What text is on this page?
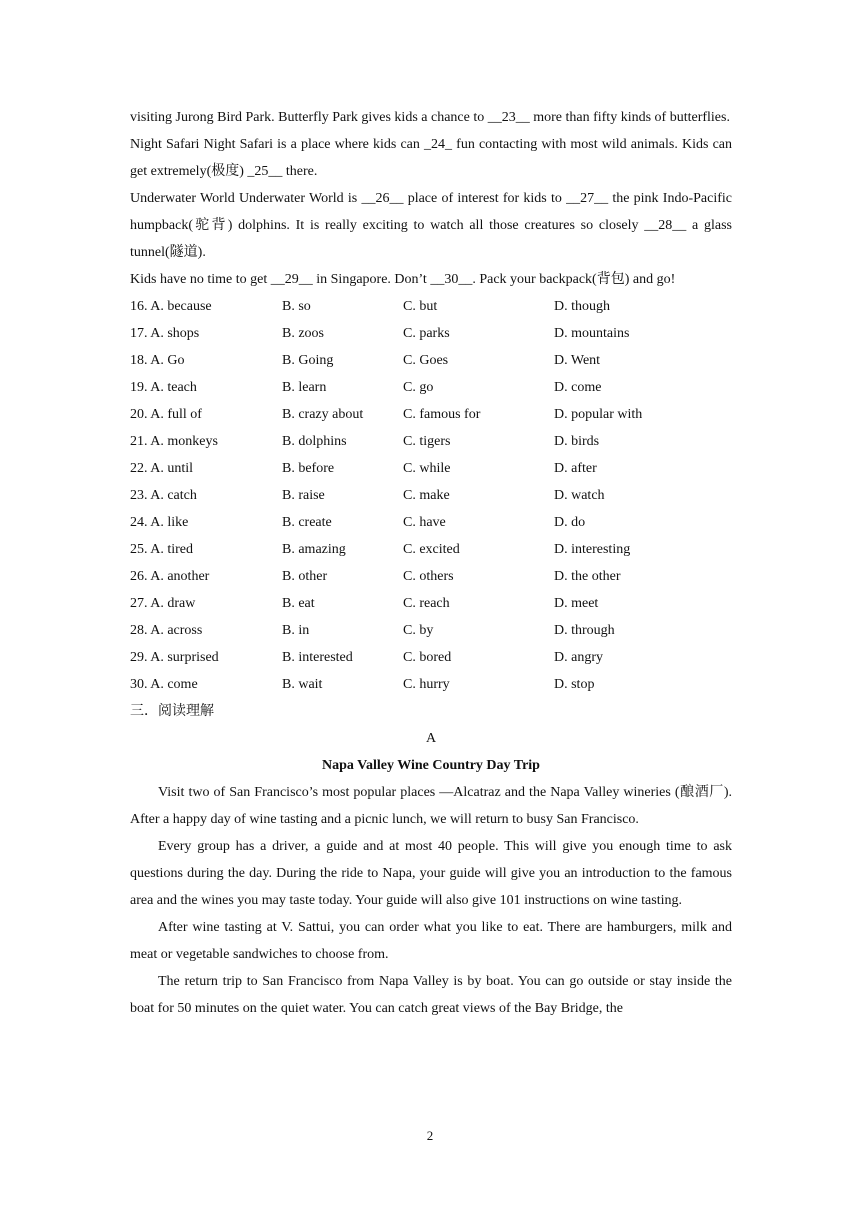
visiting Jurong Bird Park. Butterfly Park gives kids a chance to __23__ more than fifty kinds of butterflies.

Night Safari Night Safari is a place where kids can _24_ fun contacting with most wild animals. Kids can get extremely(极度) _25__ there.

Underwater World Underwater World is __26__ place of interest for kids to __27__ the pink Indo-Pacific humpback(驼背) dolphins. It is really exciting to watch all those creatures so closely __28__ a glass tunnel(隧道).

Kids have no time to get __29__ in Singapore. Don’t __30__. Pack your backpack(背包) and go!

16. A. because	B. so	C. but	D. though
17. A. shops	B. zoos	C. parks	D. mountains
18. A. Go	B. Going	C. Goes	D. Went
19. A. teach	B. learn	C. go	D. come
20. A. full of	B. crazy about	C. famous for	D. popular with
21. A. monkeys	B. dolphins	C. tigers	D. birds
22. A. until	B. before	C. while	D. after
23. A. catch	B. raise	C. make	D. watch
24. A. like	B. create	C. have	D. do
25. A. tired	B. amazing	C. excited	D. interesting
26. A. another	B. other	C. others	D. the other
27. A. draw	B. eat	C. reach	D. meet
28. A. across	B. in	C. by	D. through
29. A. surprised	B. interested	C. bored	D. angry
30. A. come	B. wait	C. hurry	D. stop

三．阅读理解

A

Napa Valley Wine Country Day Trip

Visit two of San Francisco’s most popular places —Alcatraz and the Napa Valley wineries (酿酒厂). After a happy day of wine tasting and a picnic lunch, we will return to busy San Francisco.

Every group has a driver, a guide and at most 40 people. This will give you enough time to ask questions during the day. During the ride to Napa, your guide will give you an introduction to the famous area and the wines you may taste today. Your guide will also give 101 instructions on wine tasting.

After wine tasting at V. Sattui, you can order what you like to eat. There are hamburgers, milk and meat or vegetable sandwiches to choose from.

The return trip to San Francisco from Napa Valley is by boat. You can go outside or stay inside the boat for 50 minutes on the quiet water. You can catch great views of the Bay Bridge, the

2
